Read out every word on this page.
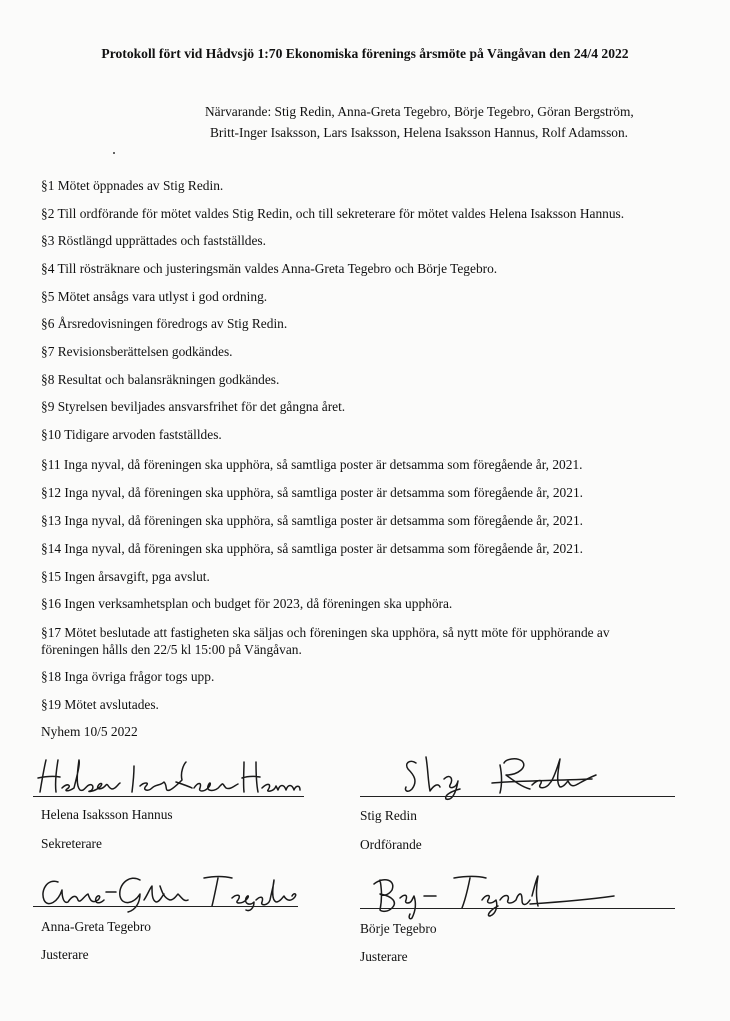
Protokoll fört vid Hådvsjö 1:70 Ekonomiska förenings årsmöte på Vängåvan den 24/4 2022
Närvarande: Stig Redin, Anna-Greta Tegebro, Börje Tegebro, Göran Bergström,
Britt-Inger Isaksson, Lars Isaksson, Helena Isaksson Hannus, Rolf Adamsson.
§1 Mötet öppnades av Stig Redin.
§2 Till ordförande för mötet valdes Stig Redin, och till sekreterare för mötet valdes Helena Isaksson Hannus.
§3 Röstlängd upprättades och fastställdes.
§4 Till rösträknare och justeringsmän valdes Anna-Greta Tegebro och Börje Tegebro.
§5 Mötet ansågs vara utlyst i god ordning.
§6 Årsredovisningen föredrogs av Stig Redin.
§7 Revisionsberättelsen godkändes.
§8 Resultat och balansräkningen godkändes.
§9 Styrelsen beviljades ansvarsfrihet för det gångna året.
§10 Tidigare arvoden fastställdes.
§11 Inga nyval, då föreningen ska upphöra, så samtliga poster är detsamma som föregående år, 2021.
§12 Inga nyval, då föreningen ska upphöra, så samtliga poster är detsamma som föregående år, 2021.
§13 Inga nyval, då föreningen ska upphöra, så samtliga poster är detsamma som föregående år, 2021.
§14 Inga nyval, då föreningen ska upphöra, så samtliga poster är detsamma som föregående år, 2021.
§15 Ingen årsavgift, pga avslut.
§16 Ingen verksamhetsplan och budget för 2023, då föreningen ska upphöra.
§17 Mötet beslutade att fastigheten ska säljas och föreningen ska upphöra, så nytt möte för upphörande av
föreningen hålls den 22/5 kl 15:00 på Vängåvan.
§18 Inga övriga frågor togs upp.
§19 Mötet avslutades.
Nyhem 10/5 2022
Helena Isaksson Hannus
Sekreterare
Stig Redin
Ordförande
Anna-Greta Tegebro
Justerare
Börje Tegebro
Justerare
